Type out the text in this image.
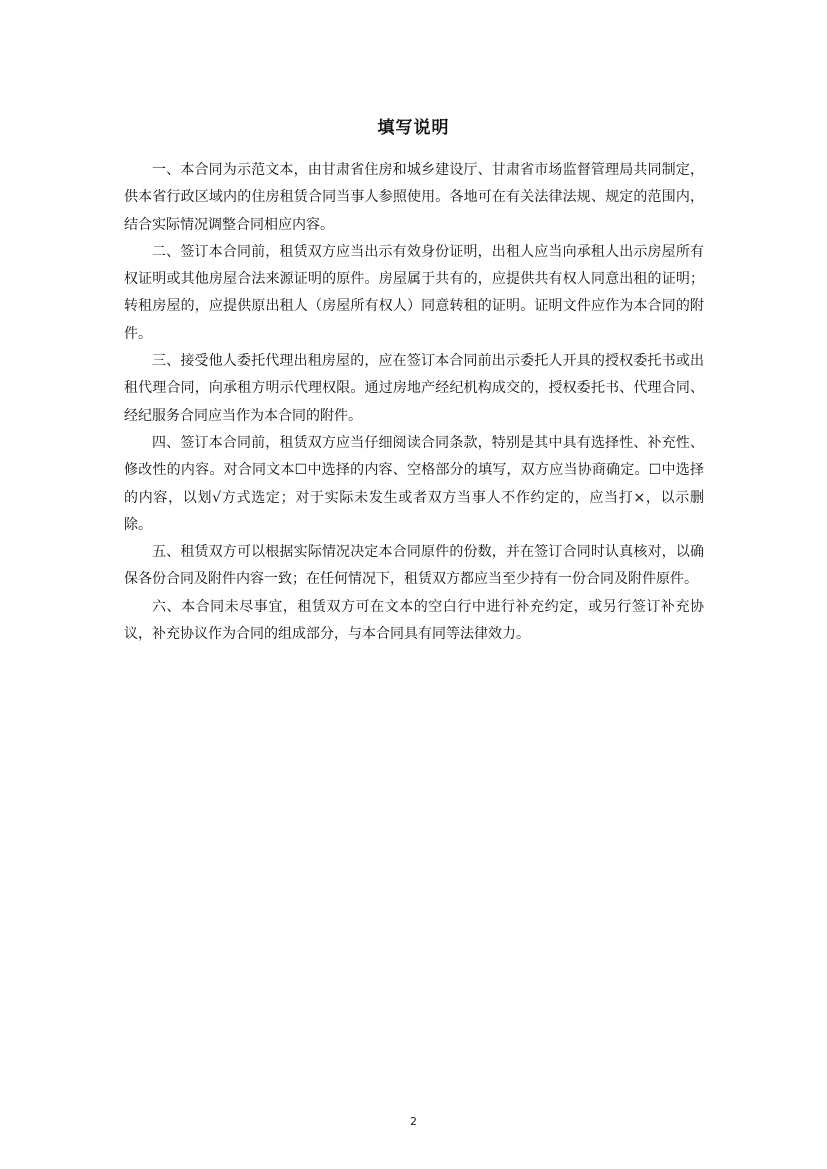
填写说明

一、本合同为示范文本，由甘肃省住房和城乡建设厅、甘肃省市场监督管理局共同制定，供本省行政区域内的住房租赁合同当事人参照使用。各地可在有关法律法规、规定的范围内，结合实际情况调整合同相应内容。

二、签订本合同前，租赁双方应当出示有效身份证明，出租人应当向承租人出示房屋所有权证明或其他房屋合法来源证明的原件。房屋属于共有的，应提供共有权人同意出租的证明；转租房屋的，应提供原出租人（房屋所有权人）同意转租的证明。证明文件应作为本合同的附件。

三、接受他人委托代理出租房屋的，应在签订本合同前出示委托人开具的授权委托书或出租代理合同，向承租方明示代理权限。通过房地产经纪机构成交的，授权委托书、代理合同、经纪服务合同应当作为本合同的附件。

四、签订本合同前，租赁双方应当仔细阅读合同条款，特别是其中具有选择性、补充性、修改性的内容。对合同文本☐中选择的内容、空格部分的填写，双方应当协商确定。☐中选择的内容，以划√方式选定；对于实际未发生或者双方当事人不作约定的，应当打×，以示删除。

五、租赁双方可以根据实际情况决定本合同原件的份数，并在签订合同时认真核对，以确保各份合同及附件内容一致；在任何情况下，租赁双方都应当至少持有一份合同及附件原件。

六、本合同未尽事宜，租赁双方可在文本的空白行中进行补充约定，或另行签订补充协议，补充协议作为合同的组成部分，与本合同具有同等法律效力。

2
